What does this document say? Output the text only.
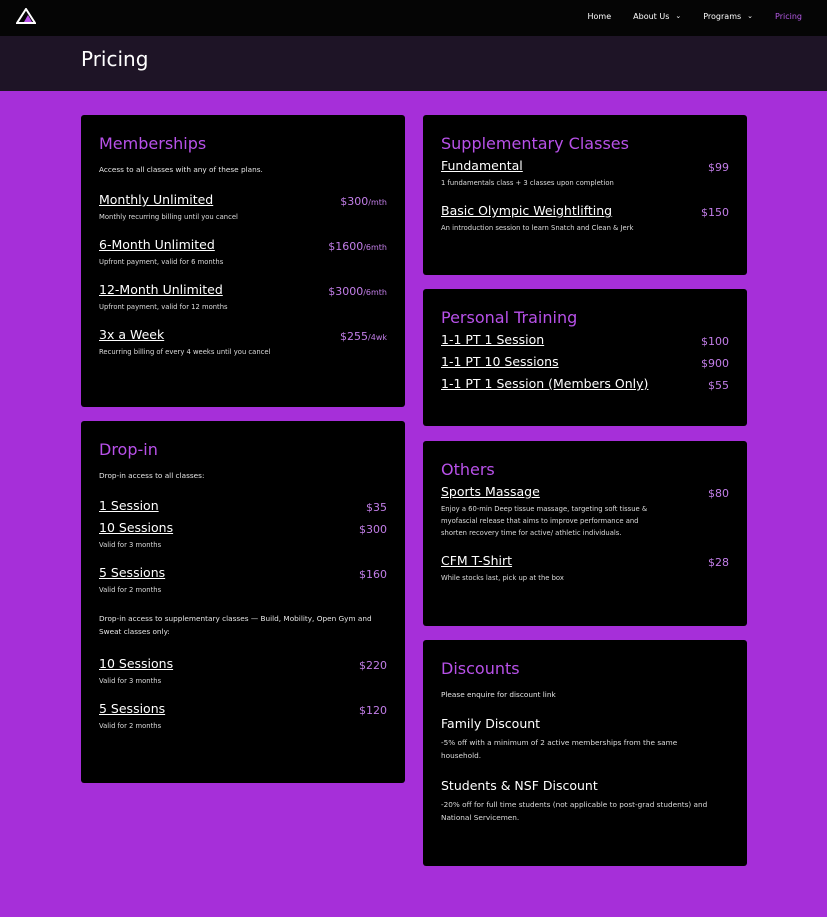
Home	About Us ⌄	Programs ⌄	Pricing
Pricing
Memberships
Access to all classes with any of these plans.
Monthly Unlimited	$300/mth
Monthly recurring billing until you cancel
6-Month Unlimited	$1600/6mth
Upfront payment, valid for 6 months
12-Month Unlimited	$3000/6mth
Upfront payment, valid for 12 months
3x a Week	$255/4wk
Recurring billing of every 4 weeks until you cancel
Drop-in
Drop-in access to all classes:
1 Session	$35
10 Sessions	$300
Valid for 3 months
5 Sessions	$160
Valid for 2 months
Drop-in access to supplementary classes — Build, Mobility, Open Gym and Sweat classes only:
10 Sessions	$220
Valid for 3 months
5 Sessions	$120
Valid for 2 months
Supplementary Classes
Fundamental	$99
1 fundamentals class + 3 classes upon completion
Basic Olympic Weightlifting	$150
An introduction session to learn Snatch and Clean & Jerk
Personal Training
1-1 PT 1 Session	$100
1-1 PT 10 Sessions	$900
1-1 PT 1 Session (Members Only)	$55
Others
Sports Massage	$80
Enjoy a 60-min Deep tissue massage, targeting soft tissue & myofascial release that aims to improve performance and shorten recovery time for active/ athletic individuals.
CFM T-Shirt	$28
While stocks last, pick up at the box
Discounts
Please enquire for discount link
Family Discount
-5% off with a minimum of 2 active memberships from the same household.
Students & NSF Discount
-20% off for full time students (not applicable to post-grad students) and National Servicemen.
